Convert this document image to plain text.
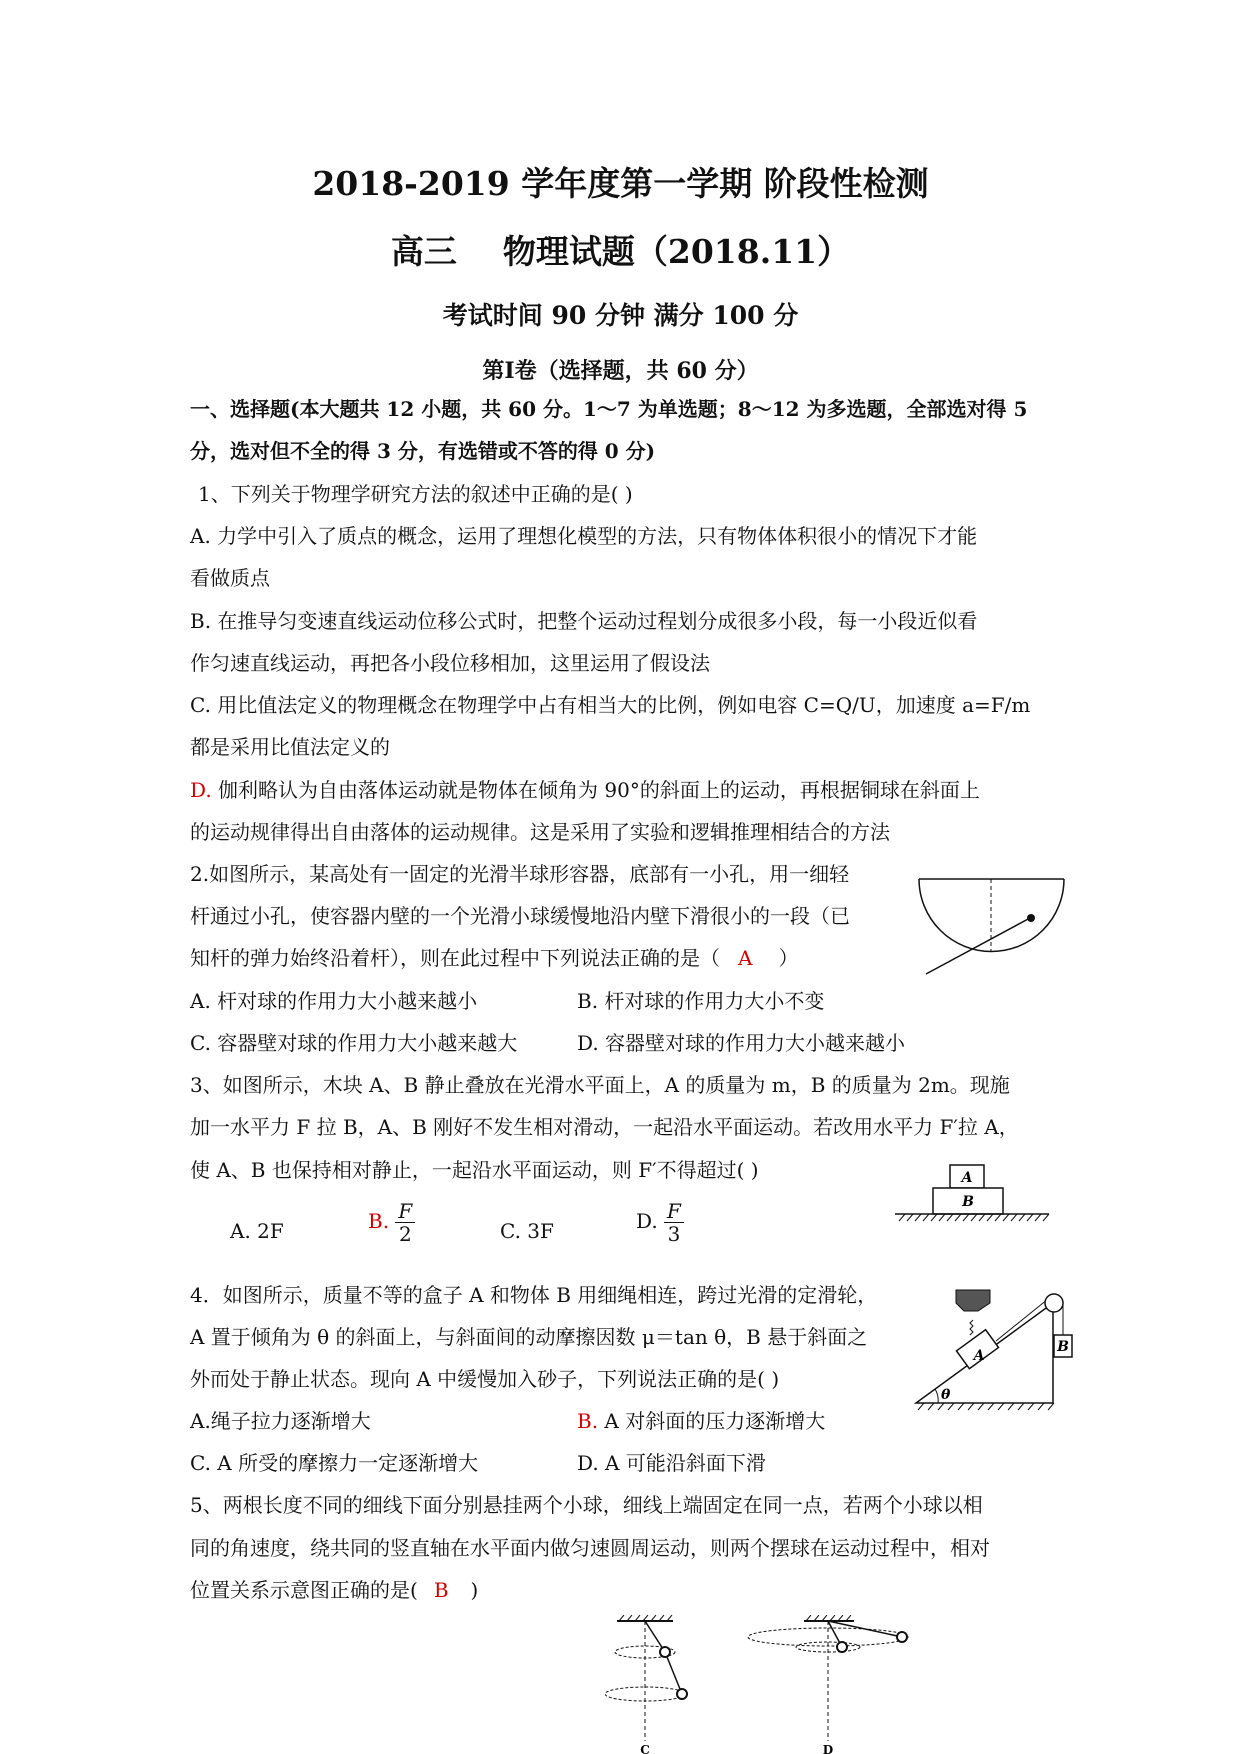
2018-2019 学年度第一学期 阶段性检测
高三 物理试题（2018.11）
考试时间 90 分钟 满分 100 分
第Ⅰ卷（选择题，共 60 分）
一、选择题(本大题共 12 小题，共 60 分。1～7 为单选题；8～12 为多选题，全部选对得 5
分，选对但不全的得 3 分，有选错或不答的得 0 分)
1、下列关于物理学研究方法的叙述中正确的是( )
A. 力学中引入了质点的概念，运用了理想化模型的方法，只有物体体积很小的情况下才能
看做质点
B. 在推导匀变速直线运动位移公式时，把整个运动过程划分成很多小段，每一小段近似看
作匀速直线运动，再把各小段位移相加，这里运用了假设法
C. 用比值法定义的物理概念在物理学中占有相当大的比例，例如电容 C=Q/U，加速度 a=F/m
都是采用比值法定义的
D. 伽利略认为自由落体运动就是物体在倾角为 90°的斜面上的运动，再根据铜球在斜面上
的运动规律得出自由落体的运动规律。这是采用了实验和逻辑推理相结合的方法
2.如图所示，某高处有一固定的光滑半球形容器，底部有一小孔，用一细轻
杆通过小孔，使容器内壁的一个光滑小球缓慢地沿内壁下滑很小的一段（已
知杆的弹力始终沿着杆），则在此过程中下列说法正确的是（ A ）
A. 杆对球的作用力大小越来越小	B. 杆对球的作用力大小不变
C. 容器壁对球的作用力大小越来越大	D. 容器壁对球的作用力大小越来越小
3、如图所示，木块 A、B 静止叠放在光滑水平面上，A 的质量为 m，B 的质量为 2m。现施
加一水平力 F 拉 B，A、B 刚好不发生相对滑动，一起沿水平面运动。若改用水平力 F′拉 A，
使 A、B 也保持相对静止，一起沿水平面运动，则 F′不得超过( )
A. 2F	B. $\frac{F}{2}$	C. 3F	D. $\frac{F}{3}$
A
B
4．如图所示，质量不等的盒子 A 和物体 B 用细绳相连，跨过光滑的定滑轮，
A 置于倾角为 θ 的斜面上，与斜面间的动摩擦因数 μ＝tan θ，B 悬于斜面之
外而处于静止状态。现向 A 中缓慢加入砂子，下列说法正确的是( )
A.绳子拉力逐渐增大	B. A 对斜面的压力逐渐增大
C. A 所受的摩擦力一定逐渐增大	D. A 可能沿斜面下滑
θ
A
B
5、两根长度不同的细线下面分别悬挂两个小球，细线上端固定在同一点，若两个小球以相
同的角速度，绕共同的竖直轴在水平面内做匀速圆周运动，则两个摆球在运动过程中，相对
位置关系示意图正确的是( B )
C	D
